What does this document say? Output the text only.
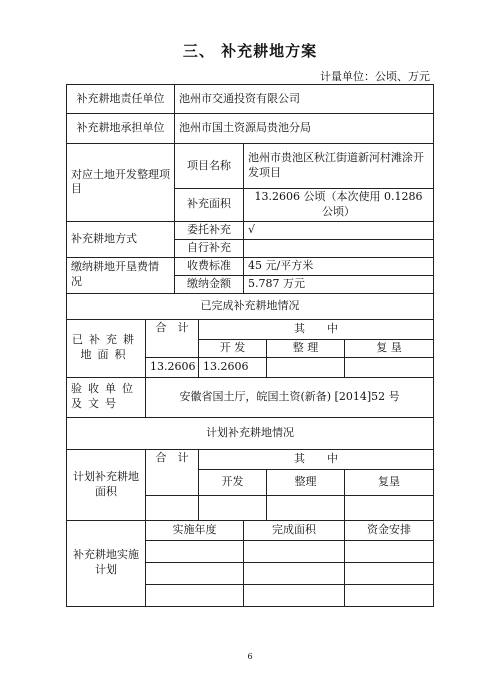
三、 补充耕地方案
计量单位：公顷、万元
补充耕地责任单位		池州市交通投资有限公司				
补充耕地承担单位		池州市国土资源局贵池分局				
对应土地开发整理项目		项目名称		池州市贵池区秋江街道新河村滩涂开发项目		
		补充面积		13.2606 公顷（本次使用 0.1286 公顷）		
补充耕地方式		委托补充		√		
		自行补充				
缴纳耕地开垦费情　　况		收费标准		45 元/平方米		
		缴纳金额		5.787 万元		
已完成补充耕地情况						
已补充耕地面积	合　计		其　　中			
			开 发		整 理	复 垦
	13.2606		13.2606			
验收单位及文号	安徽省国土厅，皖国土资(新备) [2014]52 号					
计划补充耕地情况						
计划补充耕地面积	合　计		其　　中			
			开发		整理	复垦

补充耕地实施计划	实施年度			完成面积		资金安排

6
